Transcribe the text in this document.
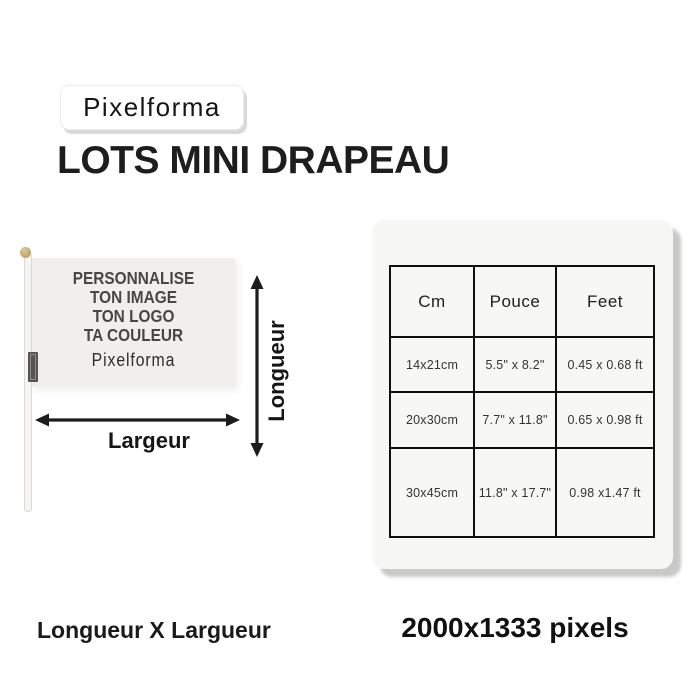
Pixelforma
LOTS MINI DRAPEAU
PERSONNALISE
TON IMAGE
TON LOGO
TA COULEUR
Pixelforma
Largeur
Longueur
Cm	Pouce	Feet
14x21cm	5.5" x 8.2"	0.45 x 0.68 ft
20x30cm	7.7" x 11.8"	0.65 x 0.98 ft
30x45cm	11.8" x 17.7"	0.98 x1.47 ft
Longueur X Largueur	2000x1333 pixels
